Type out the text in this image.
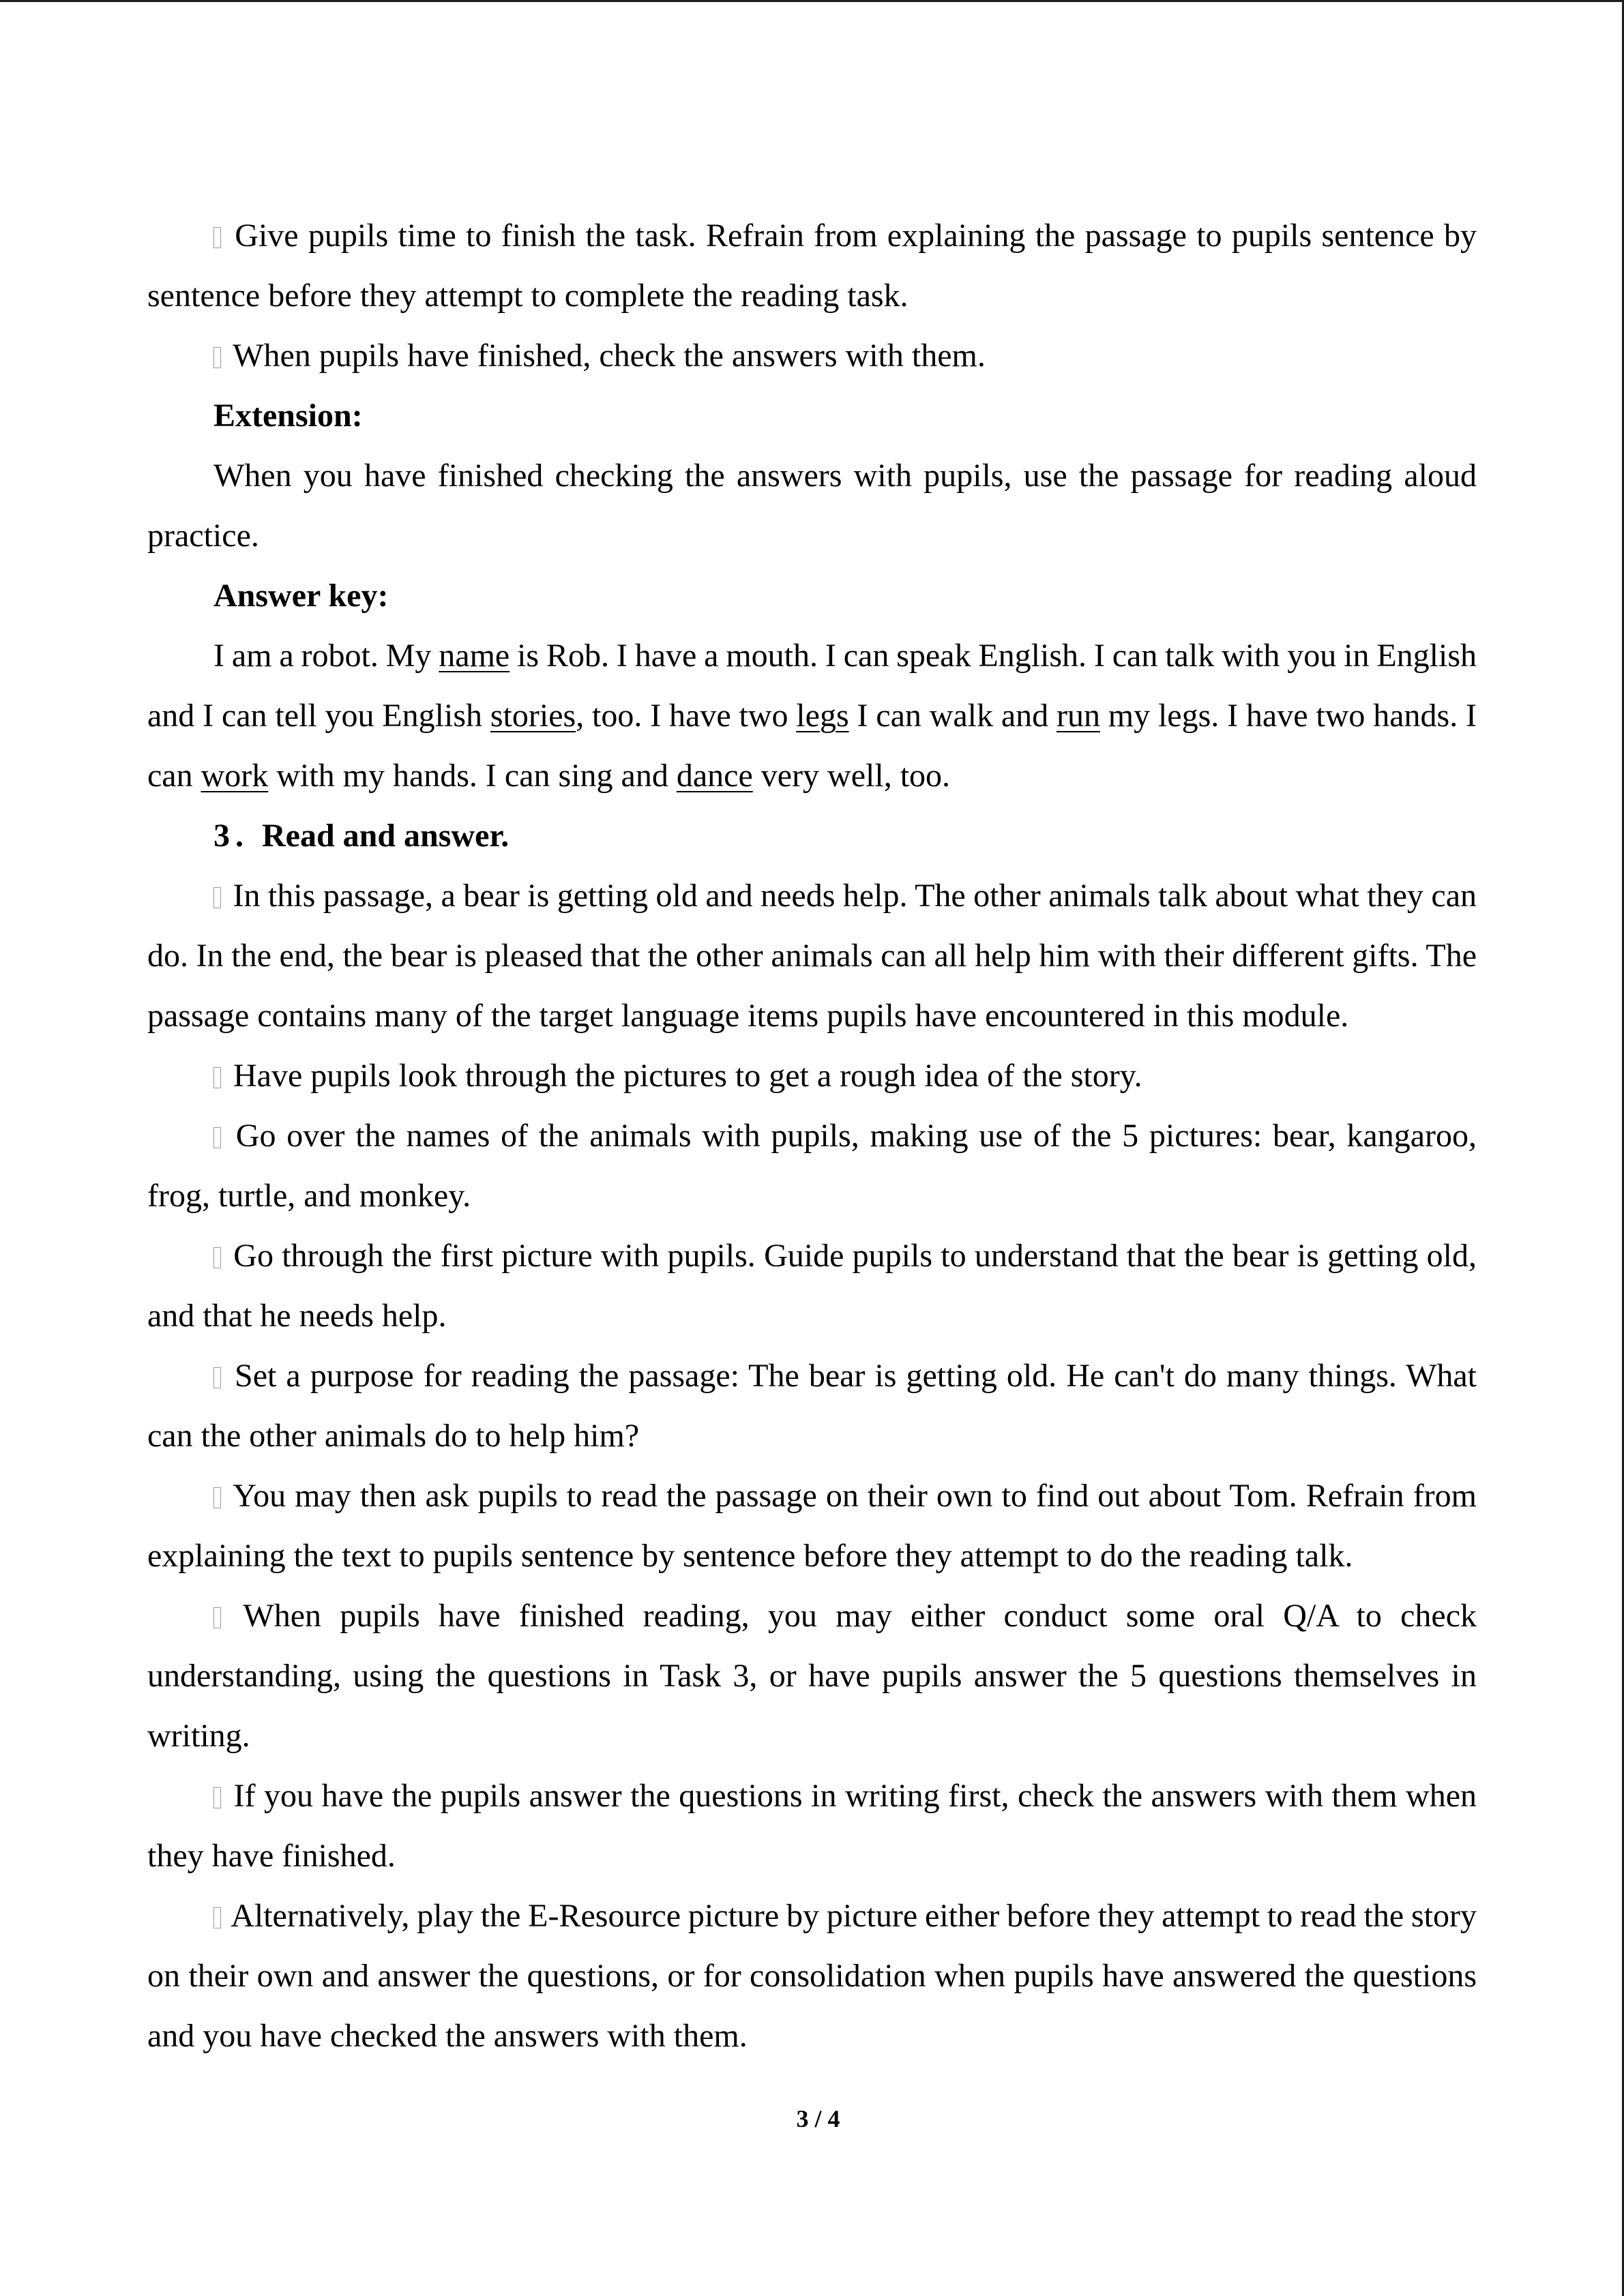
Give pupils time to finish the task. Refrain from explaining the passage to pupils sentence by
sentence before they attempt to complete the reading task.
When pupils have finished, check the answers with them.
Extension:
When you have finished checking the answers with pupils, use the passage for reading aloud
practice.
Answer key:
I am a robot. My name is Rob. I have a mouth. I can speak English. I can talk with you in English
and I can tell you English stories, too. I have two legs I can walk and run my legs. I have two hands. I
can work with my hands. I can sing and dance very well, too.
3 Read and answer.
In this passage, a bear is getting old and needs help. The other animals talk about what they can
do. In the end, the bear is pleased that the other animals can all help him with their different gifts. The
passage contains many of the target language items pupils have encountered in this module.
Have pupils look through the pictures to get a rough idea of the story.
Go over the names of the animals with pupils, making use of the 5 pictures: bear, kangaroo,
frog, turtle, and monkey.
Go through the first picture with pupils. Guide pupils to understand that the bear is getting old,
and that he needs help.
Set a purpose for reading the passage: The bear is getting old. He can't do many things. What
can the other animals do to help him?
You may then ask pupils to read the passage on their own to find out about Tom. Refrain from
explaining the text to pupils sentence by sentence before they attempt to do the reading talk.
When pupils have finished reading, you may either conduct some oral Q/A to check
understanding, using the questions in Task 3, or have pupils answer the 5 questions themselves in
writing.
If you have the pupils answer the questions in writing first, check the answers with them when
they have finished.
Alternatively, play the E-Resource picture by picture either before they attempt to read the story
on their own and answer the questions, or for consolidation when pupils have answered the questions
and you have checked the answers with them.
3 / 4
